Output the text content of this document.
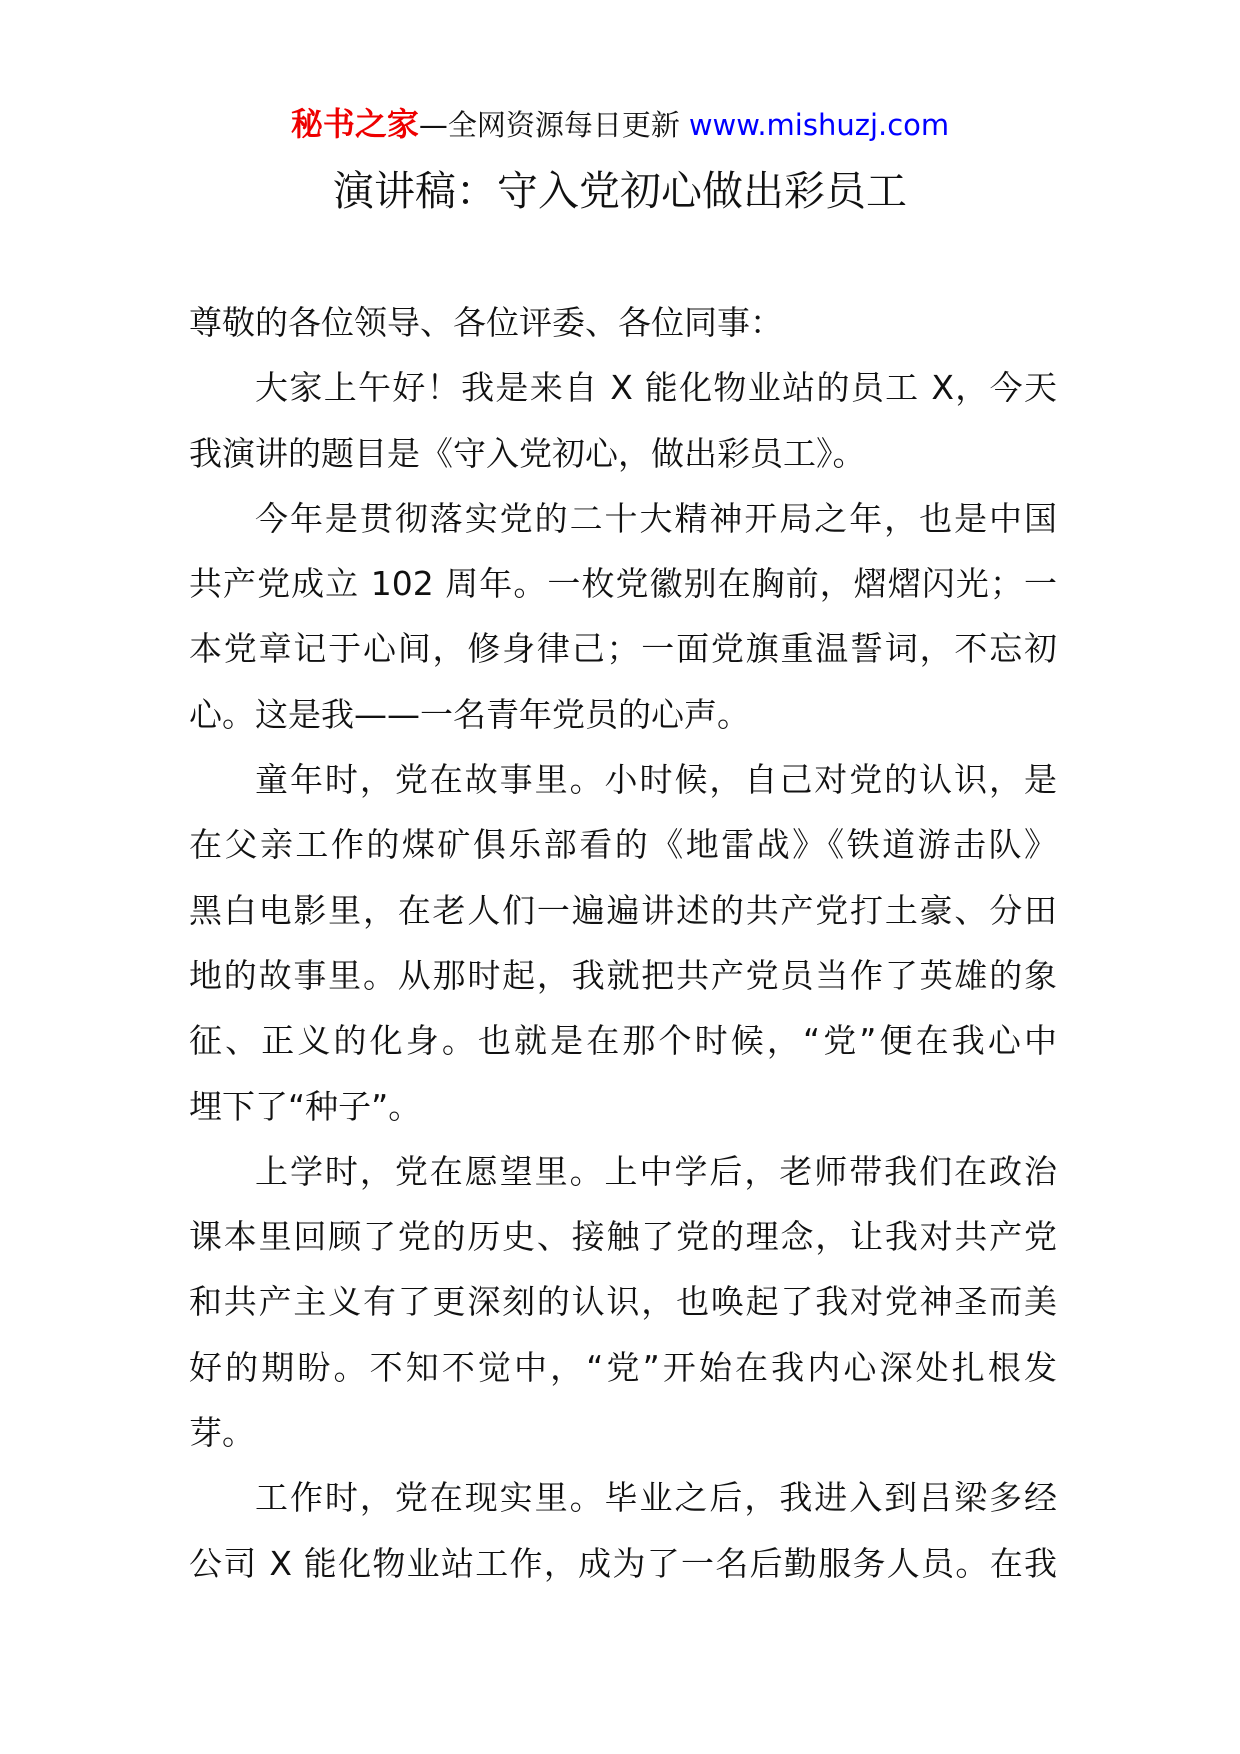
秘书之家—全网资源每日更新 www.mishuzj.com
演讲稿：守入党初心做出彩员工
尊敬的各位领导、各位评委、各位同事：
大家上午好！我是来自 X 能化物业站的员工 X，今天
我演讲的题目是《守入党初心，做出彩员工》。
今年是贯彻落实党的二十大精神开局之年，也是中国
共产党成立 102 周年。一枚党徽别在胸前，熠熠闪光；一
本党章记于心间，修身律己；一面党旗重温誓词，不忘初
心。这是我——一名青年党员的心声。
童年时，党在故事里。小时候，自己对党的认识，是
在父亲工作的煤矿俱乐部看的《地雷战》《铁道游击队》
黑白电影里，在老人们一遍遍讲述的共产党打土豪、分田
地的故事里。从那时起，我就把共产党员当作了英雄的象
征、正义的化身。也就是在那个时候，“党”便在我心中
埋下了“种子”。
上学时，党在愿望里。上中学后，老师带我们在政治
课本里回顾了党的历史、接触了党的理念，让我对共产党
和共产主义有了更深刻的认识，也唤起了我对党神圣而美
好的期盼。不知不觉中，“党”开始在我内心深处扎根发
芽。
工作时，党在现实里。毕业之后，我进入到吕梁多经
公司 X 能化物业站工作，成为了一名后勤服务人员。在我
